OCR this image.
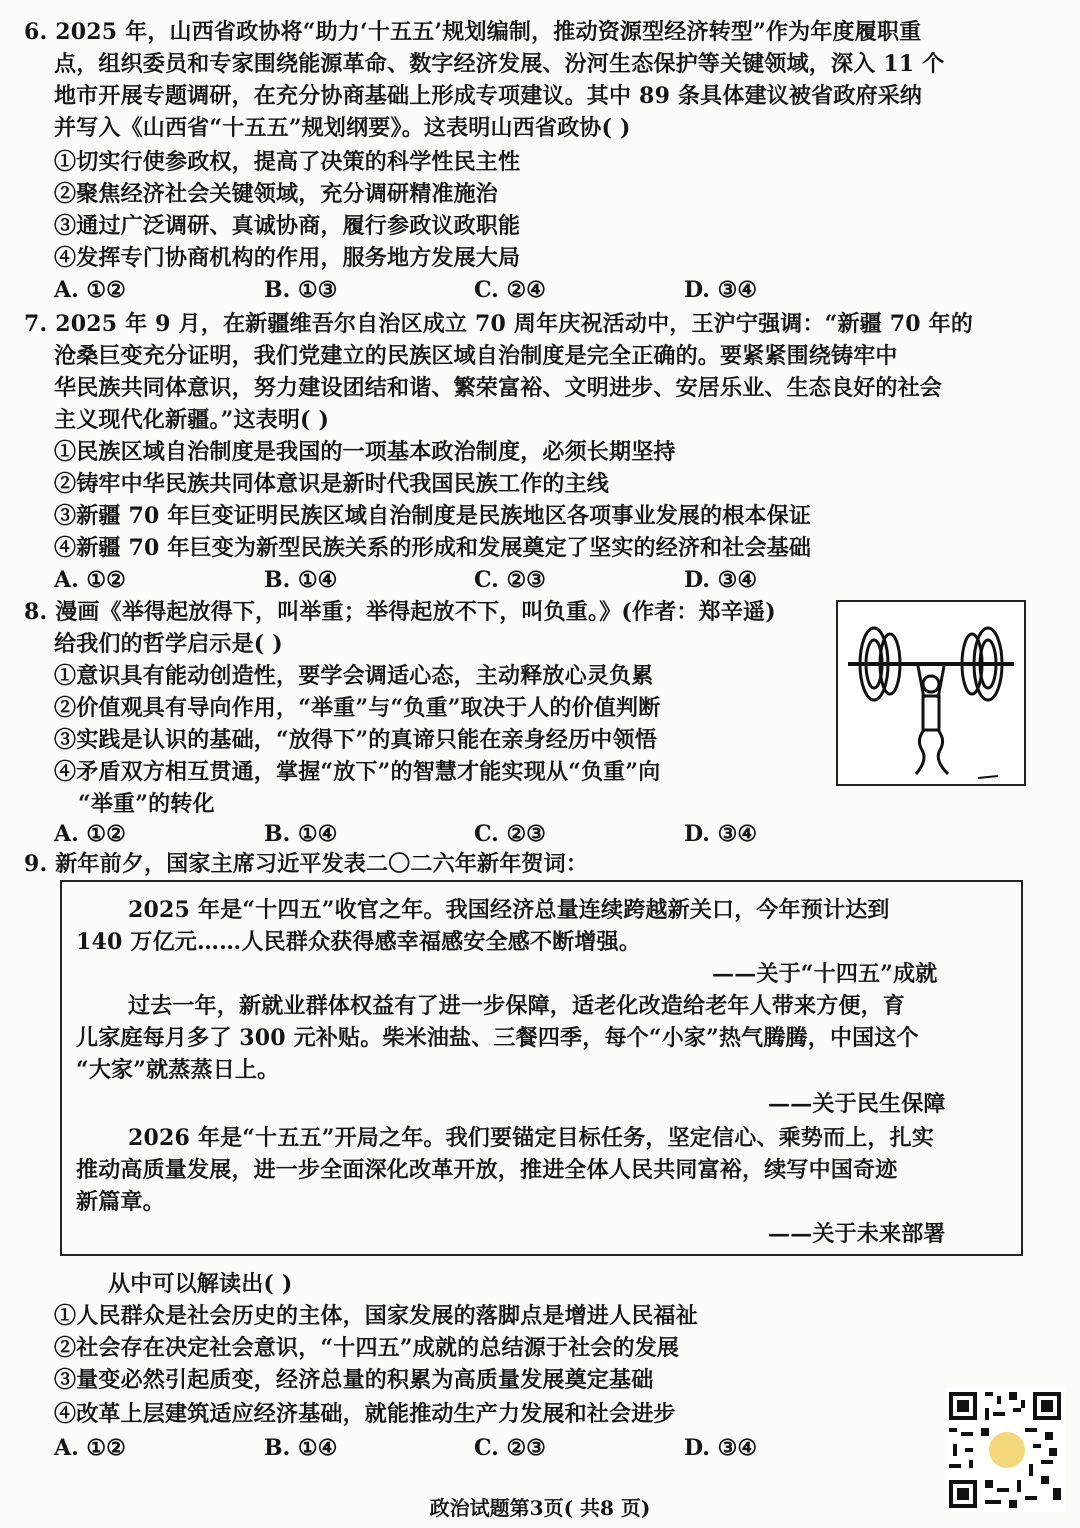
6. 2025 年，山西省政协将“助力‘十五五’规划编制，推动资源型经济转型”作为年度履职重
点，组织委员和专家围绕能源革命、数字经济发展、汾河生态保护等关键领域，深入 11 个
地市开展专题调研，在充分协商基础上形成专项建议。其中 89 条具体建议被省政府采纳
并写入《山西省“十五五”规划纲要》。这表明山西省政协( )
①切实行使参政权，提高了决策的科学性民主性
②聚焦经济社会关键领域，充分调研精准施治
③通过广泛调研、真诚协商，履行参政议政职能
④发挥专门协商机构的作用，服务地方发展大局
A. ①②	B. ①③	C. ②④	D. ③④
7. 2025 年 9 月，在新疆维吾尔自治区成立 70 周年庆祝活动中，王沪宁强调：“新疆 70 年的
沧桑巨变充分证明，我们党建立的民族区域自治制度是完全正确的。要紧紧围绕铸牢中
华民族共同体意识，努力建设团结和谐、繁荣富裕、文明进步、安居乐业、生态良好的社会
主义现代化新疆。”这表明( )
①民族区域自治制度是我国的一项基本政治制度，必须长期坚持
②铸牢中华民族共同体意识是新时代我国民族工作的主线
③新疆 70 年巨变证明民族区域自治制度是民族地区各项事业发展的根本保证
④新疆 70 年巨变为新型民族关系的形成和发展奠定了坚实的经济和社会基础
A. ①②	B. ①④	C. ②③	D. ③④
8. 漫画《举得起放得下，叫举重；举得起放不下，叫负重。》(作者：郑辛遥)
给我们的哲学启示是( )
①意识具有能动创造性，要学会调适心态，主动释放心灵负累
②价值观具有导向作用，“举重”与“负重”取决于人的价值判断
③实践是认识的基础，“放得下”的真谛只能在亲身经历中领悟
④矛盾双方相互贯通，掌握“放下”的智慧才能实现从“负重”向
“举重”的转化
A. ①②	B. ①④	C. ②③	D. ③④
9. 新年前夕，国家主席习近平发表二〇二六年新年贺词：
2025 年是“十四五”收官之年。我国经济总量连续跨越新关口，今年预计达到
140 万亿元……人民群众获得感幸福感安全感不断增强。
——关于“十四五”成就
过去一年，新就业群体权益有了进一步保障，适老化改造给老年人带来方便，育
儿家庭每月多了 300 元补贴。柴米油盐、三餐四季，每个“小家”热气腾腾，中国这个
“大家”就蒸蒸日上。
——关于民生保障
2026 年是“十五五”开局之年。我们要锚定目标任务，坚定信心、乘势而上，扎实
推动高质量发展，进一步全面深化改革开放，推进全体人民共同富裕，续写中国奇迹
新篇章。
——关于未来部署
从中可以解读出( )
①人民群众是社会历史的主体，国家发展的落脚点是增进人民福祉
②社会存在决定社会意识，“十四五”成就的总结源于社会的发展
③量变必然引起质变，经济总量的积累为高质量发展奠定基础
④改革上层建筑适应经济基础，就能推动生产力发展和社会进步
A. ①②	B. ①④	C. ②③	D. ③④
政治试题第3页( 共8 页)
